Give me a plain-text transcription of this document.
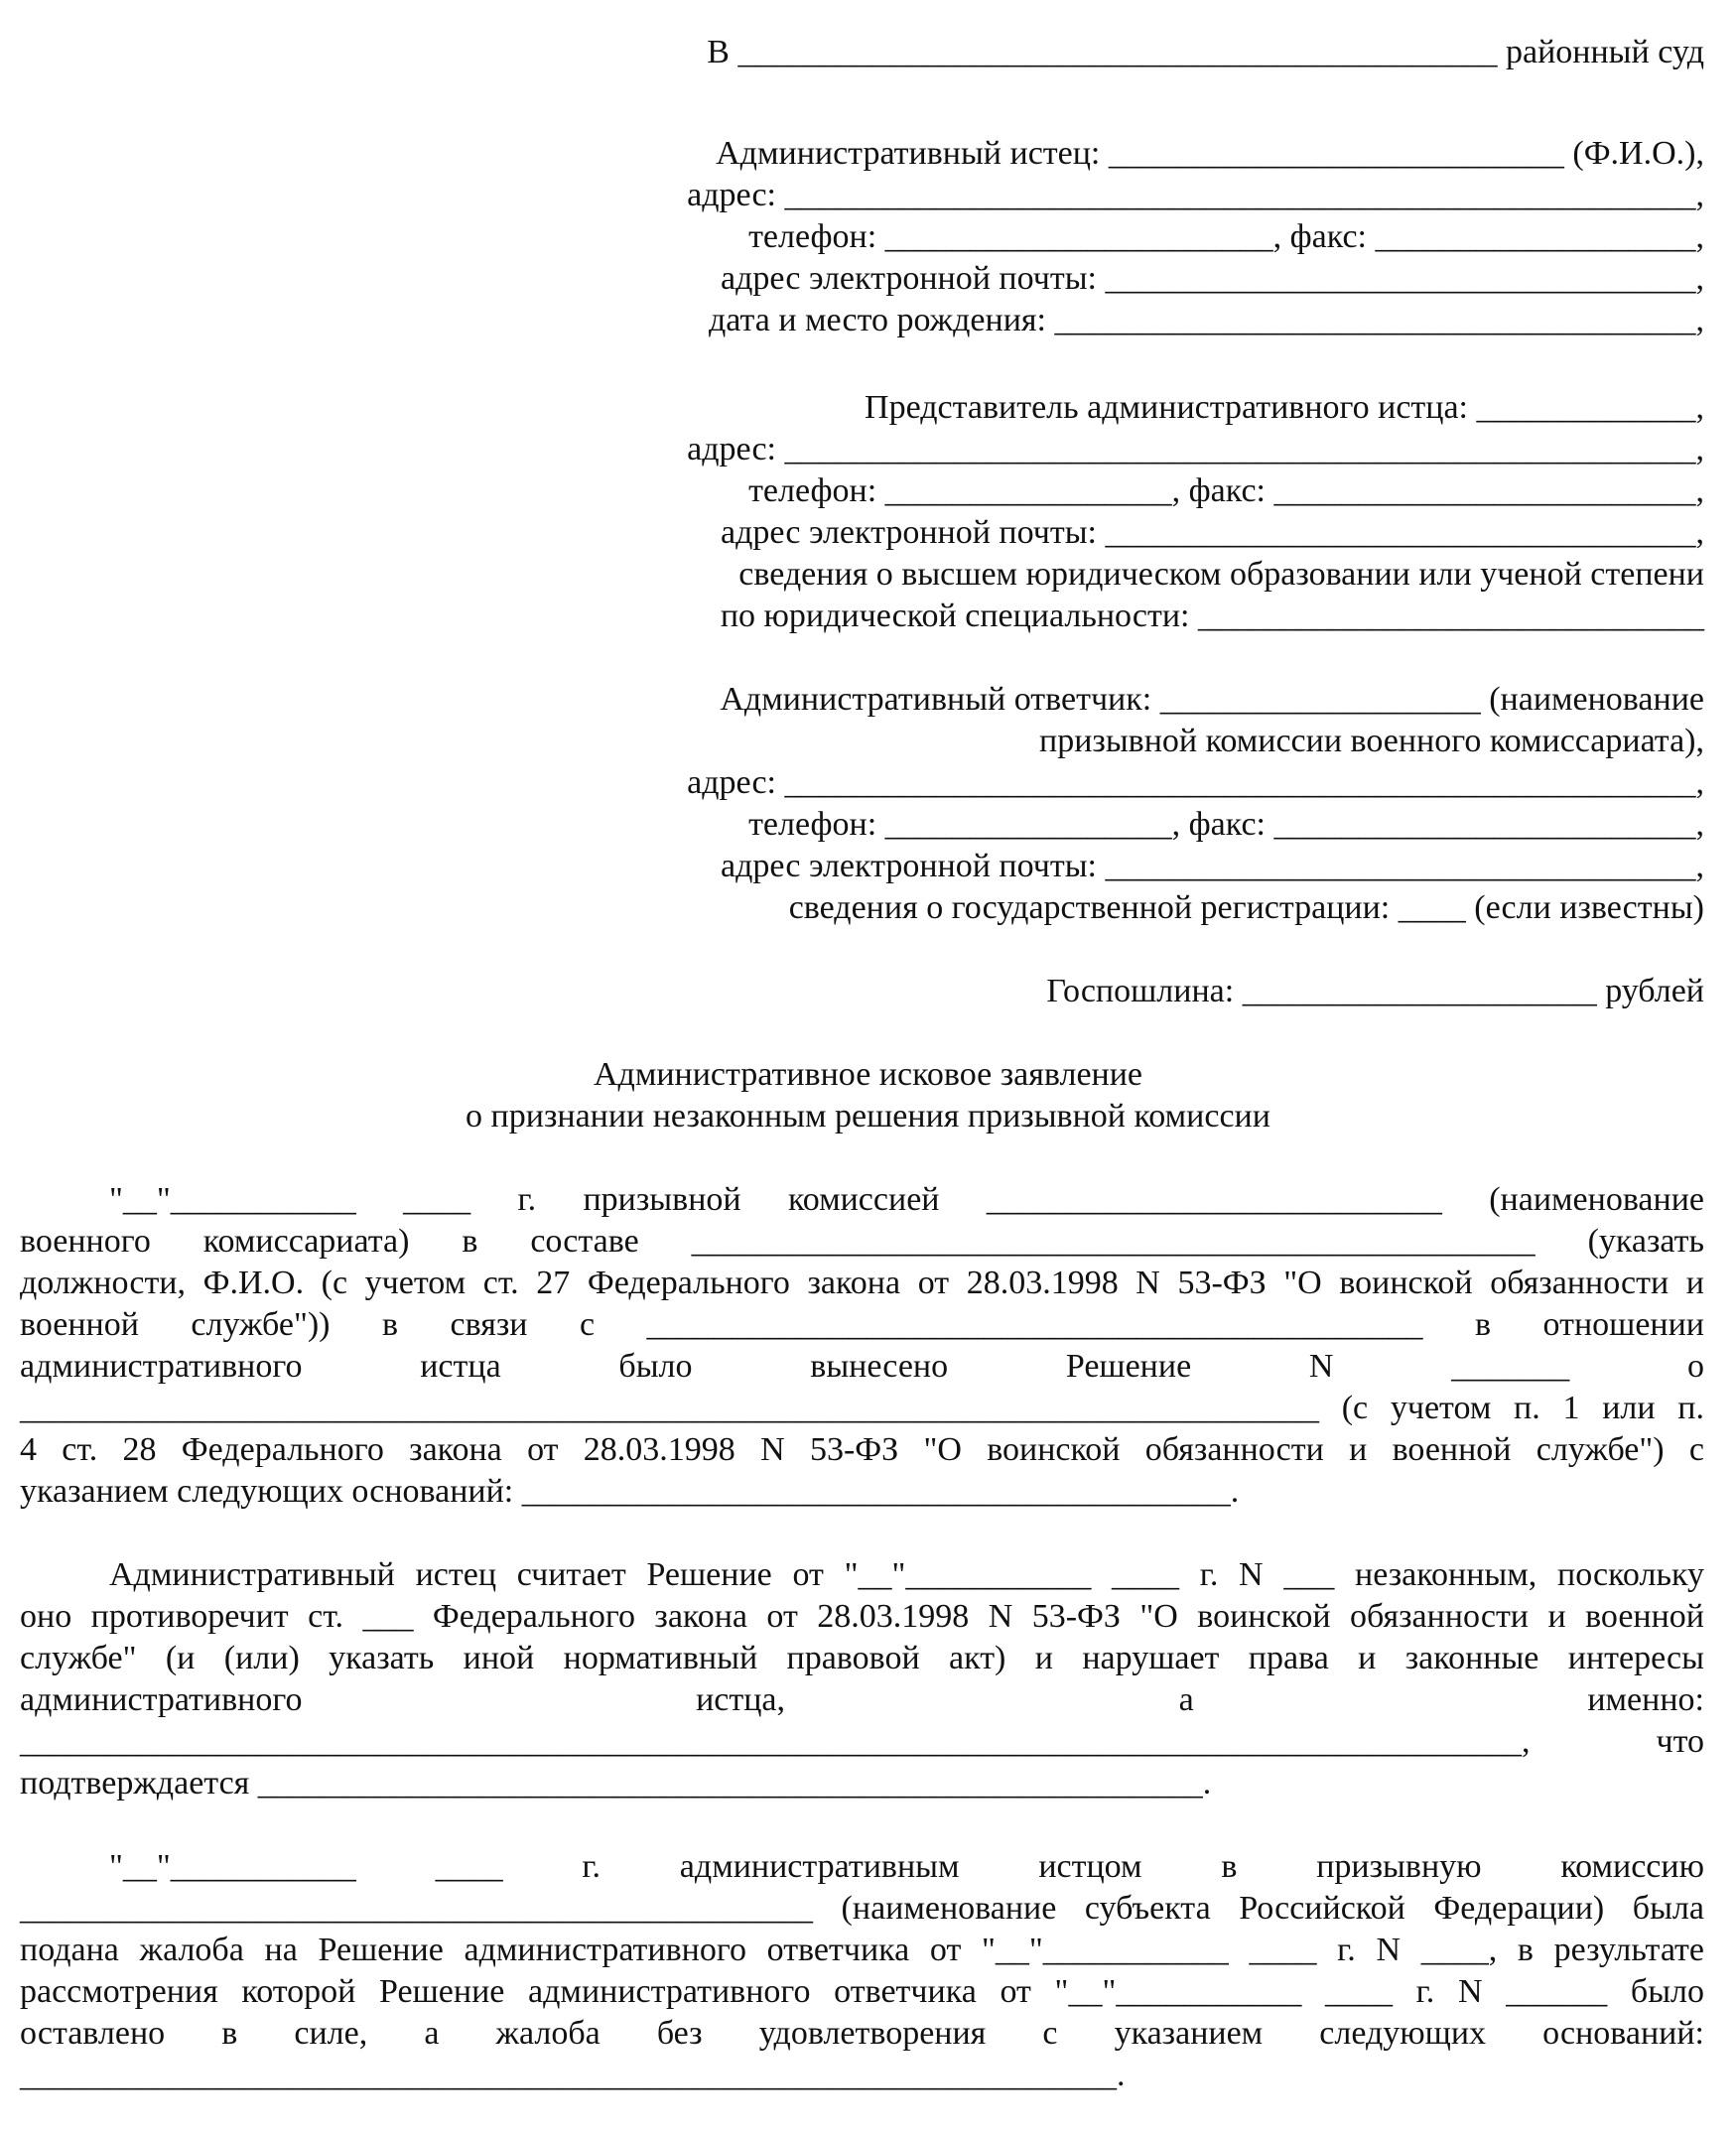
В _____________________________________________ районный суд
Административный истец: ___________________________ (Ф.И.О.),
адрес: ______________________________________________________,
телефон: _______________________, факс: ___________________,
адрес электронной почты: ___________________________________,
дата и место рождения: ______________________________________,
Представитель административного истца: _____________,
адрес: ______________________________________________________,
телефон: _________________, факс: _________________________,
адрес электронной почты: ___________________________________,
сведения о высшем юридическом образовании или ученой степени
по юридической специальности: ______________________________
Административный ответчик: ___________________ (наименование
призывной комиссии военного комиссариата),
адрес: ______________________________________________________,
телефон: _________________, факс: _________________________,
адрес электронной почты: ___________________________________,
сведения о государственной регистрации: ____ (если известны)
Госпошлина: _____________________ рублей
Административное исковое заявление
о признании незаконным решения призывной комиссии
"__"___________ ____ г. призывной комиссией ___________________________ (наименование
военного комиссариата) в составе __________________________________________________ (указать
должности, Ф.И.О. (с учетом ст. 27 Федерального закона от 28.03.1998 N 53-ФЗ "О воинской обязанности и
военной службе")) в связи с ______________________________________________ в отношении
административного истца было вынесено Решение N _______ о
_____________________________________________________________________________ (с учетом п. 1 или п.
4 ст. 28 Федерального закона от 28.03.1998 N 53-ФЗ "О воинской обязанности и военной службе") с
указанием следующих оснований: __________________________________________.
Административный истец считает Решение от "__"___________ ____ г. N ___ незаконным, поскольку
оно противоречит ст. ___ Федерального закона от 28.03.1998 N 53-ФЗ "О воинской обязанности и военной
службе" (и (или) указать иной нормативный правовой акт) и нарушает права и законные интересы
административного истца, а именно:
_________________________________________________________________________________________, что
подтверждается ________________________________________________________.
"__"___________ ____ г. административным истцом в призывную комиссию
_______________________________________________ (наименование субъекта Российской Федерации) была
подана жалоба на Решение административного ответчика от "__"___________ ____ г. N ____, в результате
рассмотрения которой Решение административного ответчика от "__"___________ ____ г. N ______ было
оставлено в силе, а жалоба без удовлетворения с указанием следующих оснований:
_________________________________________________________________.
